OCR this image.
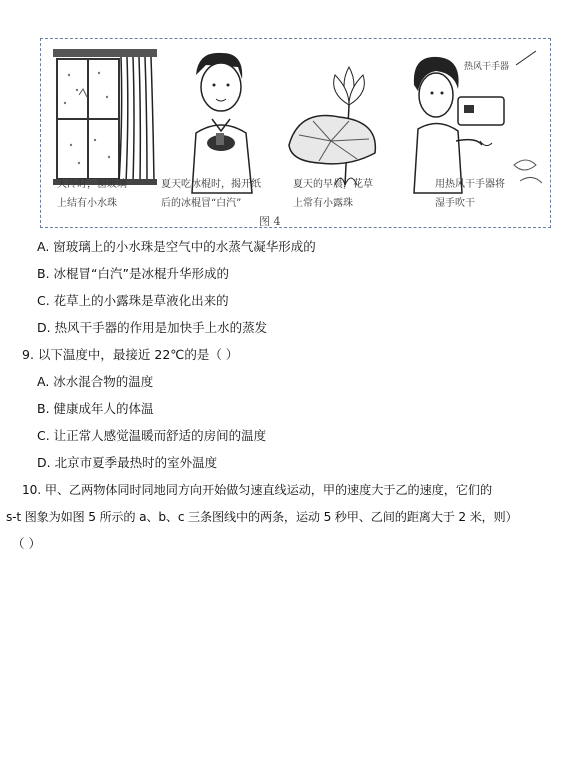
热风干手器
天冷时，窗玻璃
上结有小水珠
夏天吃冰棍时，揭开纸
后的冰棍冒“白汽”
夏天的早晨，花草
上常有小露珠
用热风干手器将
湿手吹干
图 4
A. 窗玻璃上的小水珠是空气中的水蒸气凝华形成的
B. 冰棍冒“白汽”是冰棍升华形成的
C. 花草上的小露珠是草液化出来的
D. 热风干手器的作用是加快手上水的蒸发
9. 以下温度中，最接近 22℃的是（ ）
A. 冰水混合物的温度
B. 健康成年人的体温
C. 让正常人感觉温暖而舒适的房间的温度
D. 北京市夏季最热时的室外温度
10. 甲、乙两物体同时同地同方向开始做匀速直线运动，甲的速度大于乙的速度，它们的
s-t 图象为如图 5 所示的 a、b、c 三条图线中的两条，运动 5 秒甲、乙间的距离大于 2 米，则）
（ ）
